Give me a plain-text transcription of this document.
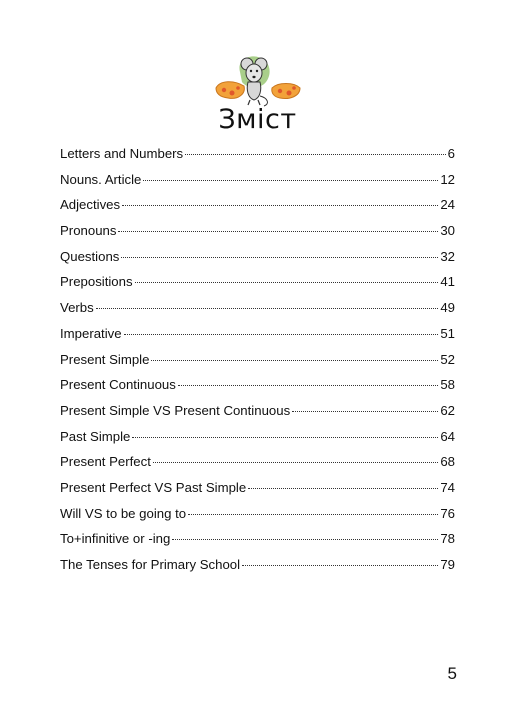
Зміст
Letters and Numbers	6
Nouns. Article	12
Adjectives	24
Pronouns	30
Questions	32
Prepositions	41
Verbs	49
Imperative	51
Present Simple	52
Present Continuous	58
Present Simple VS Present Continuous	62
Past Simple	64
Present Perfect	68
Present Perfect VS Past Simple	74
Will VS to be going to	76
To+infinitive or -ing	78
The Tenses for Primary School	79
5
